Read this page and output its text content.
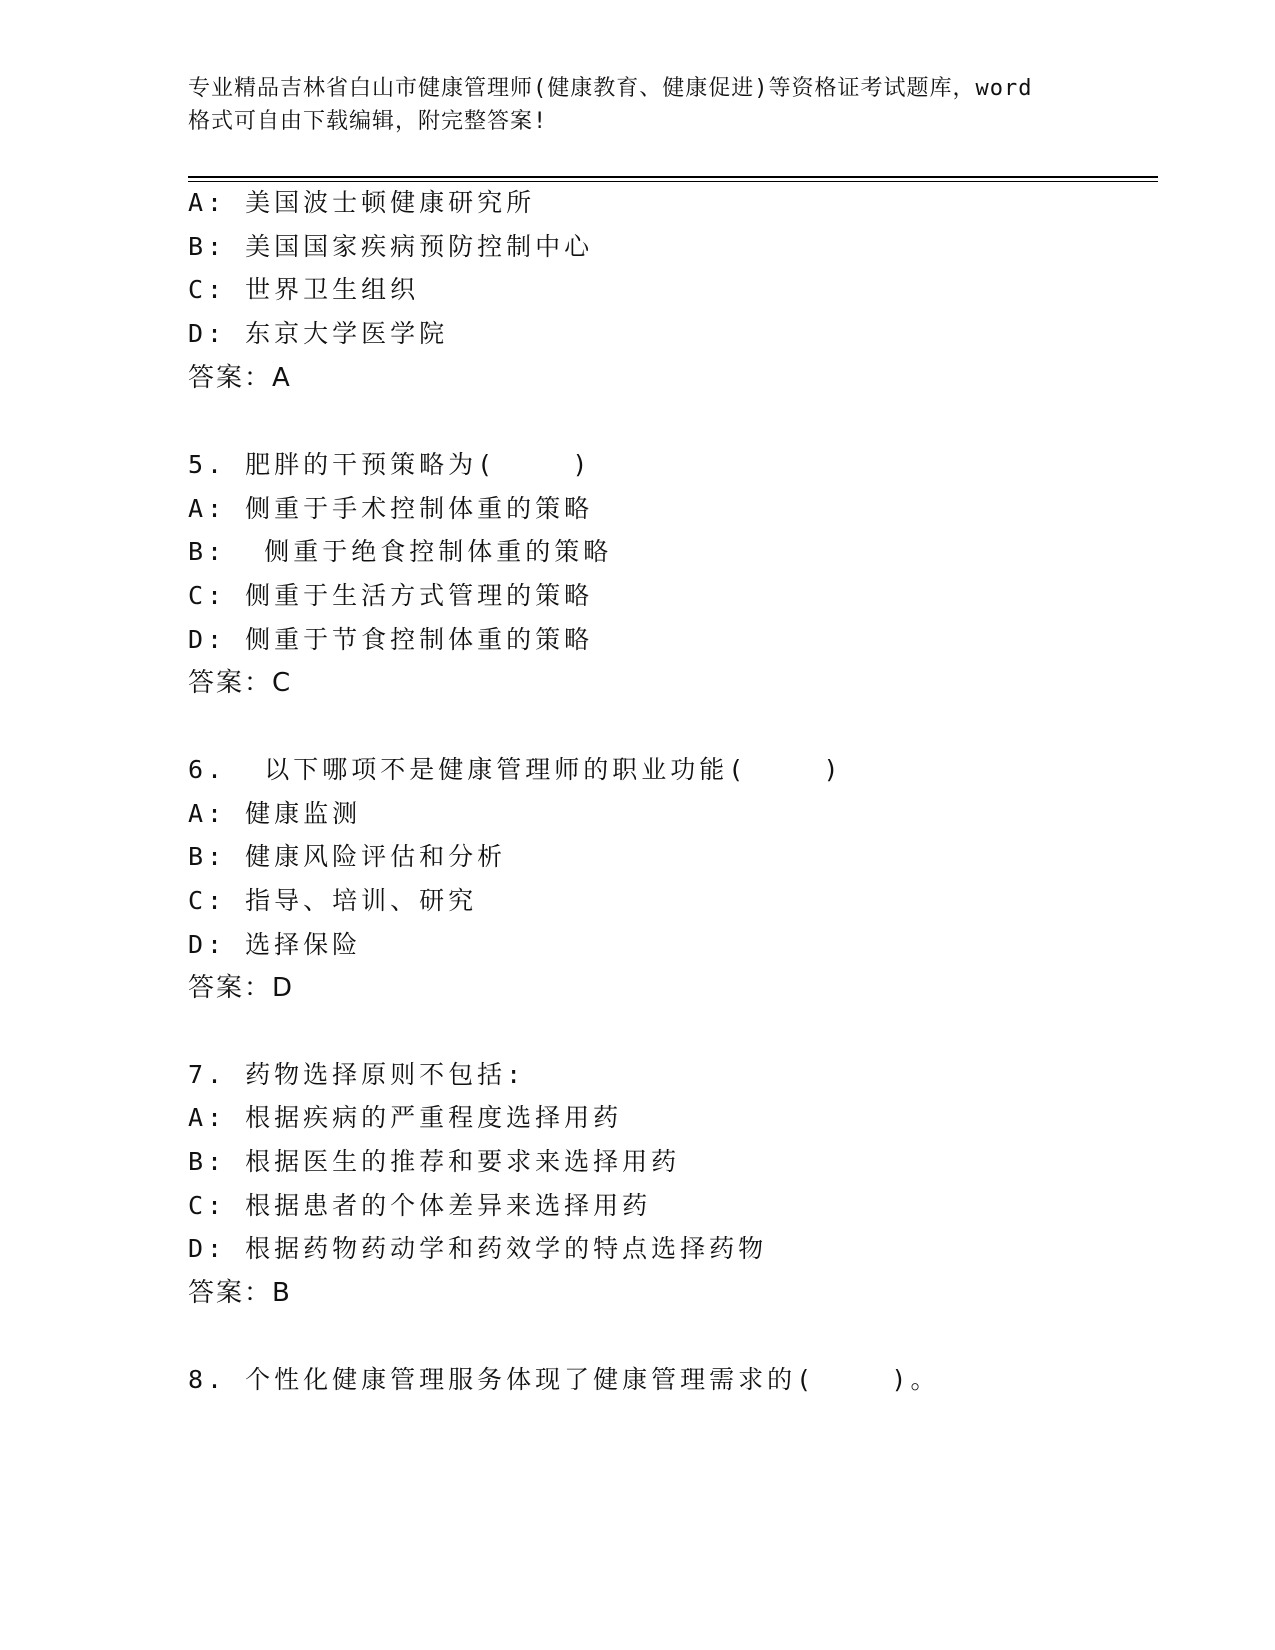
专业精品吉林省白山市健康管理师(健康教育、健康促进)等资格证考试题库，word
格式可自由下载编辑，附完整答案!
A: 美国波士顿健康研究所
B: 美国国家疾病预防控制中心
C: 世界卫生组织
D: 东京大学医学院
答案：A
5. 肥胖的干预策略为(    )
A: 侧重于手术控制体重的策略
B:  侧重于绝食控制体重的策略
C: 侧重于生活方式管理的策略
D: 侧重于节食控制体重的策略
答案：C
6.  以下哪项不是健康管理师的职业功能(    )
A: 健康监测
B: 健康风险评估和分析
C: 指导、培训、研究
D: 选择保险
答案：D
7. 药物选择原则不包括:
A: 根据疾病的严重程度选择用药
B: 根据医生的推荐和要求来选择用药
C: 根据患者的个体差异来选择用药
D: 根据药物药动学和药效学的特点选择药物
答案：B
8. 个性化健康管理服务体现了健康管理需求的(    )。
